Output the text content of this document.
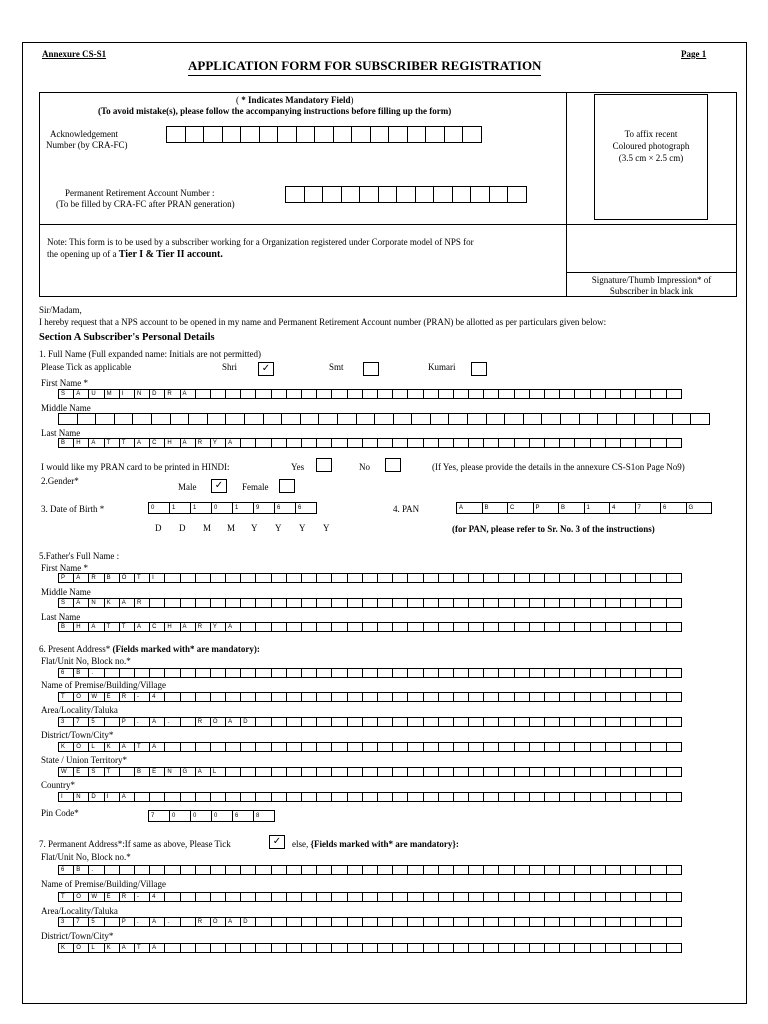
Annexure CS-S1	Page 1
APPLICATION FORM FOR SUBSCRIBER REGISTRATION
( * Indicates Mandatory Field)
(To avoid mistake(s), please follow the accompanying instructions before filling up the form)
Acknowledgement
Number (by CRA-FC)
Permanent Retirement Account Number :
(To be filled by CRA-FC after PRAN generation)
To affix recent
Coloured photograph
(3.5 cm × 2.5 cm)
Note: This form is to be used by a subscriber working for a Organization registered under Corporate model of NPS for
the opening up of a Tier I & Tier II account.
Signature/Thumb Impression* of
Subscriber in black ink
Sir/Madam,
I hereby request that a NPS account to be opened in my name and Permanent Retirement Account number (PRAN) be allotted as per particulars given below:
Section A Subscriber's Personal Details
1. Full Name (Full expanded name: Initials are not permitted)
Please Tick as applicable	Shri	✓	Smt	Kumari
First Name *
S	A	U	M	I	N	D	R	A
Middle Name
Last Name
B	H	A	T	T	A	C	H	A	R	Y	A
I would like my PRAN card to be printed in HINDI:	Yes	No	(If Yes, please provide the details in the annexure CS-S1on Page No9)
2.Gender*
Male	✓	Female
3. Date of Birth *	0	1	1	0	1	9	6	6	4. PAN	A	B	C	P	B	1	4	7	6	G
D D M M Y Y Y Y	(for PAN, please refer to Sr. No. 3 of the instructions)
5.Father's Full Name :
First Name *
P	A	R	B	O	T	I
Middle Name
S	A	N	K	A	R
Last Name
B	H	A	T	T	A	C	H	A	R	Y	A
6. Present Address* (Fields marked with* are mandatory):
Flat/Unit No, Block no.*
6	B	.
Name of Premise/Building/Village
T	O	W	E	R	-	4
Area/Locality/Taluka
3	7	5	P	.	A	.	R	O	A	D
District/Town/City*
K	O	L	K	A	T	A
State / Union Territory*
W	E	S	T	B	E	N	G	A	L
Country*
I	N	D	I	A
Pin Code*	7	0	0	0	6	8
7. Permanent Address*:If same as above, Please Tick	✓	else, {Fields marked with* are mandatory}:
Flat/Unit No, Block no.*
6	B	.
Name of Premise/Building/Village
T	O	W	E	R	-	4
Area/Locality/Taluka
3	7	5	P	.	A	.	R	O	A	D
District/Town/City*
K	O	L	K	A	T	A
